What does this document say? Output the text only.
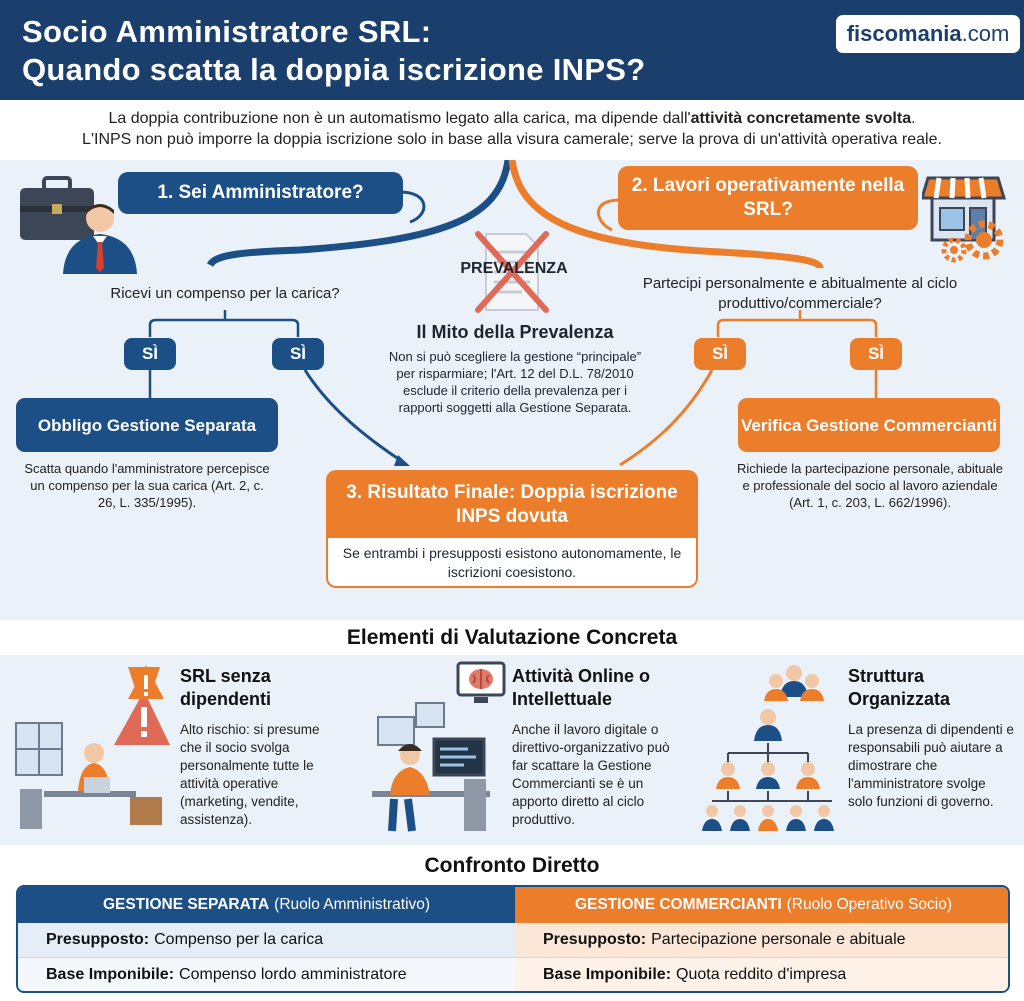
Socio Amministratore SRL:
Quando scatta la doppia iscrizione INPS?
fiscomania .com
La doppia contribuzione non è un automatismo legato alla carica, ma dipende dall'attività concretamente svolta.
L'INPS non può imporre la doppia iscrizione solo in base alla visura camerale; serve la prova di un'attività operativa reale.
1. Sei Amministratore?	2. Lavori operativamente nella SRL?
Ricevi un compenso per la carica?
Partecipi personalmente e abitualmente al ciclo produttivo/commerciale?
PREVALENZA
Il Mito della Prevalenza
Non si può scegliere la gestione “principale” per risparmiare; l'Art. 12 del D.L. 78/2010 esclude il criterio della prevalenza per i rapporti soggetti alla Gestione Separata.
SÌ	SÌ	SÌ	SÌ
Obbligo Gestione Separata
Scatta quando l'amministratore percepisce un compenso per la sua carica (Art. 2, c. 26, L. 335/1995).
Verifica Gestione Commercianti
Richiede la partecipazione personale, abituale e professionale del socio al lavoro aziendale (Art. 1, c. 203, L. 662/1996).
3. Risultato Finale: Doppia iscrizione INPS dovuta
Se entrambi i presupposti esistono autonomamente, le iscrizioni coesistono.
Elementi di Valutazione Concreta
SRL senza dipendenti
Alto rischio: si presume che il socio svolga personalmente tutte le attività operative (marketing, vendite, assistenza).
Attività Online o Intellettuale
Anche il lavoro digitale o direttivo-organizzativo può far scattare la Gestione Commercianti se è un apporto diretto al ciclo produttivo.
Struttura Organizzata
La presenza di dipendenti e responsabili può aiutare a dimostrare che l'amministratore svolge solo funzioni di governo.
Confronto Diretto
GESTIONE SEPARATA (Ruolo Amministrativo)	GESTIONE COMMERCIANTI (Ruolo Operativo Socio)
Presupposto: Compenso per la carica	Presupposto: Partecipazione personale e abituale
Base Imponibile: Compenso lordo amministratore	Base Imponibile: Quota reddito d'impresa
